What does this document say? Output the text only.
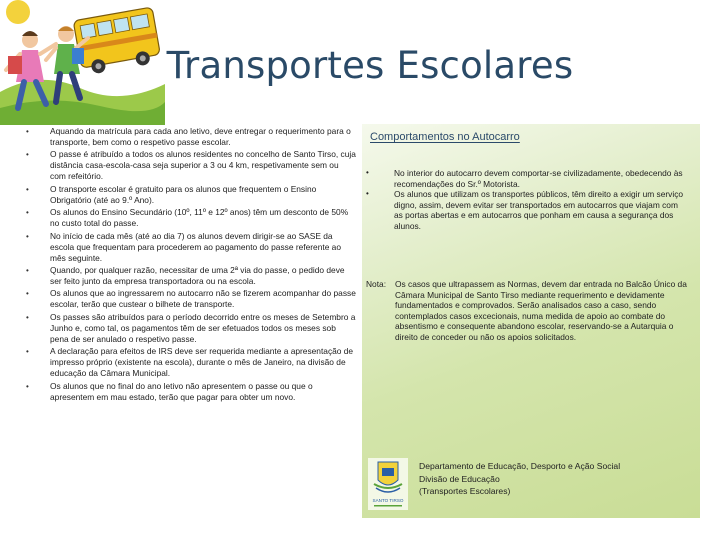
Transportes Escolares
• Aquando da matrícula para cada ano letivo, deve entregar o requerimento para o transporte, bem como o respetivo passe escolar.
• O passe é atribuído a todos os alunos residentes no concelho de Santo Tirso, cuja distância casa-escola-casa seja superior a 3 ou 4 km, respetivamente sem ou com refeitório.
• O transporte escolar é gratuito para os alunos que frequentem o Ensino Obrigatório (até ao 9.º Ano).
• Os alunos do Ensino Secundário (10º, 11º e 12º anos) têm um desconto de 50% no custo total do passe.
• No início de cada mês (até ao dia 7) os alunos devem dirigir-se ao SASE da escola que frequentam para procederem ao pagamento do passe referente ao mês seguinte.
• Quando, por qualquer razão, necessitar de uma 2ª via do passe, o pedido deve ser feito junto da empresa transportadora ou na escola.
• Os alunos que ao ingressarem no autocarro não se fizerem acompanhar do passe escolar, terão que custear o bilhete de transporte.
• Os passes são atribuídos para o período decorrido entre os meses de Setembro a Junho e, como tal, os pagamentos têm de ser efetuados todos os meses sob pena de ser anulado o respetivo passe.
• A declaração para efeitos de IRS deve ser requerida mediante a apresentação de impresso próprio (existente na escola), durante o mês de Janeiro, na divisão de educação da Câmara Municipal.
• Os alunos que no final do ano letivo não apresentem o passe ou que o apresentem em mau estado, terão que pagar para obter um novo.
Comportamentos no Autocarro
• No interior do autocarro devem comportar-se civilizadamente, obedecendo às recomendações do Sr.º Motorista.
• Os alunos que utilizam os transportes públicos, têm direito a exigir um serviço digno, assim, devem evitar ser transportados em autocarros que viajam com as portas abertas e em autocarros que ponham em causa a segurança dos alunos.
Nota: Os casos que ultrapassem as Normas, devem dar entrada no Balcão Único da Câmara Municipal de Santo Tirso mediante requerimento e devidamente fundamentados e comprovados. Serão analisados caso a caso, sendo contemplados casos excecionais, numa medida de apoio ao combate do absentismo e consequente abandono escolar, reservando-se a Autarquia o direito de conceder ou não os apoios solicitados.
SANTO TIRSO
Departamento de Educação, Desporto e Ação Social
Divisão de Educação
(Transportes Escolares)
